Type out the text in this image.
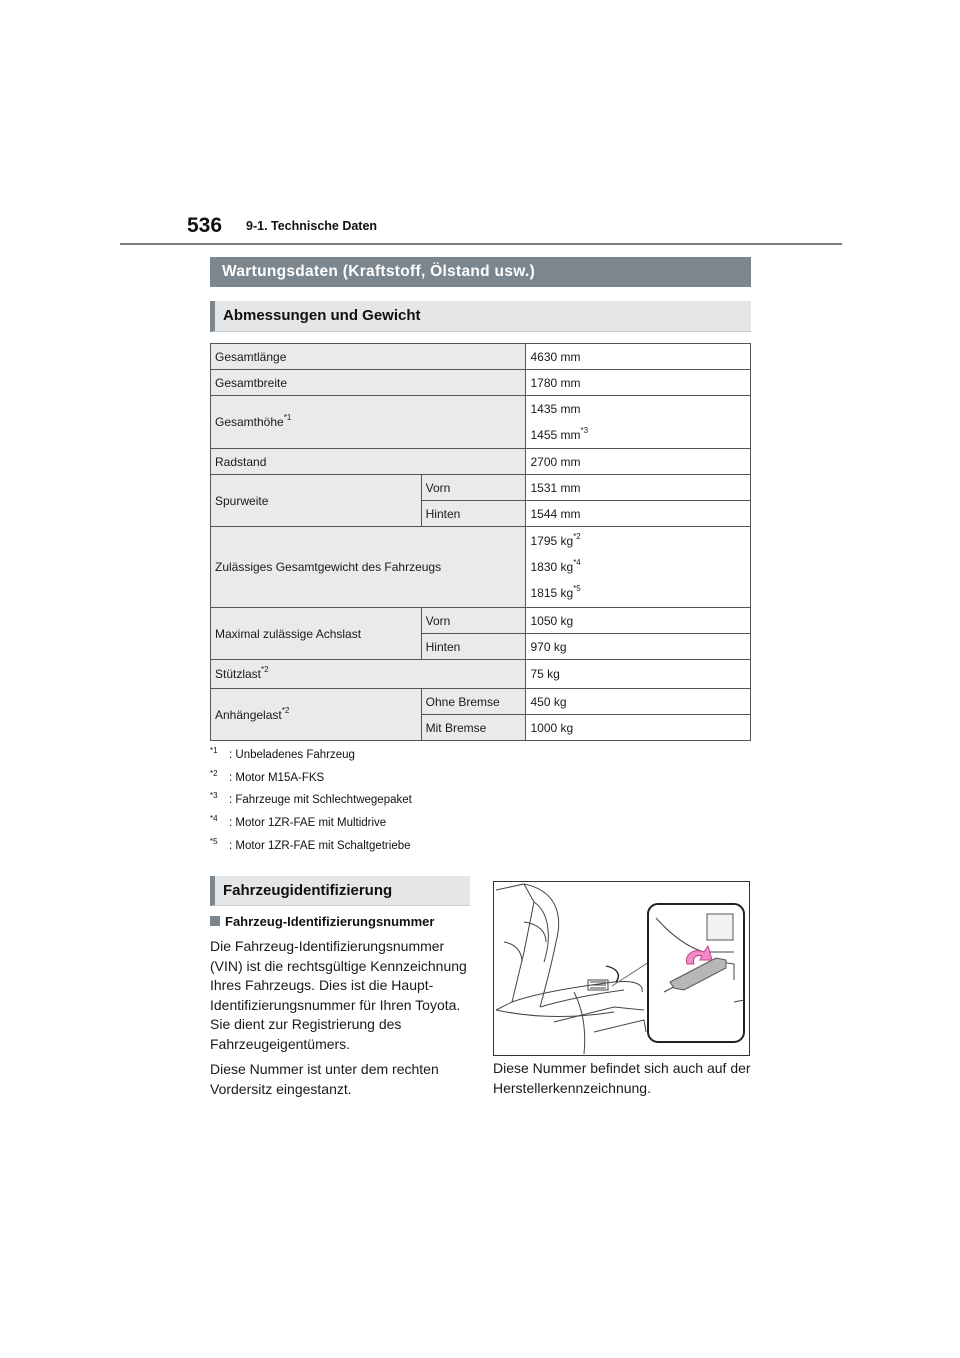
536 9-1. Technische Daten
Wartungsdaten (Kraftstoff, Ölstand usw.)
Abmessungen und Gewicht
Gesamtlänge		4630 mm
Gesamtbreite		1780 mm
Gesamthöhe$^{*1}$		1435 mm
1455 $mm^{*3}$

Radstand		2700 mm
Spurweite	Vorn	1531 mm
	Hinten	1544 mm
Zulässiges Gesamtgewicht des Fahrzeugs		1795 $kg^{*2}$
1830 $kg^{*4}$
1815 $kg^{*5}$

Maximal zulässige Achslast	Vorn	1050 kg
	Hinten	970 kg
Stützlast$^{*2}$		75 kg
Anhängelast$^{*2}$	Ohne Bremse	450 kg
	Mit Bremse	1000 kg
$^{*1}$ : Unbeladenes Fahrzeug
$^{*2}$ : Motor M15A-FKS
$^{*3}$ : Fahrzeuge mit Schlechtwegepaket
$^{*4}$ : Motor 1ZR-FAE mit Multidrive
$^{*5}$ : Motor 1ZR-FAE mit Schaltgetriebe
Fahrzeugidentifizierung
Fahrzeug-Identifizierungsnummer

Die Fahrzeug-Identifizierungsnummer (VIN) ist die rechtsgültige Kennzeichnung Ihres Fahrzeugs. Dies ist die Haupt-Identifizierungsnummer für Ihren Toyota. Sie dient zur Registrierung des Fahrzeugeigentümers.

Diese Nummer ist unter dem rechten Vordersitz eingestanzt.

Diese Nummer befindet sich auch auf der Herstellerkennzeichnung.
